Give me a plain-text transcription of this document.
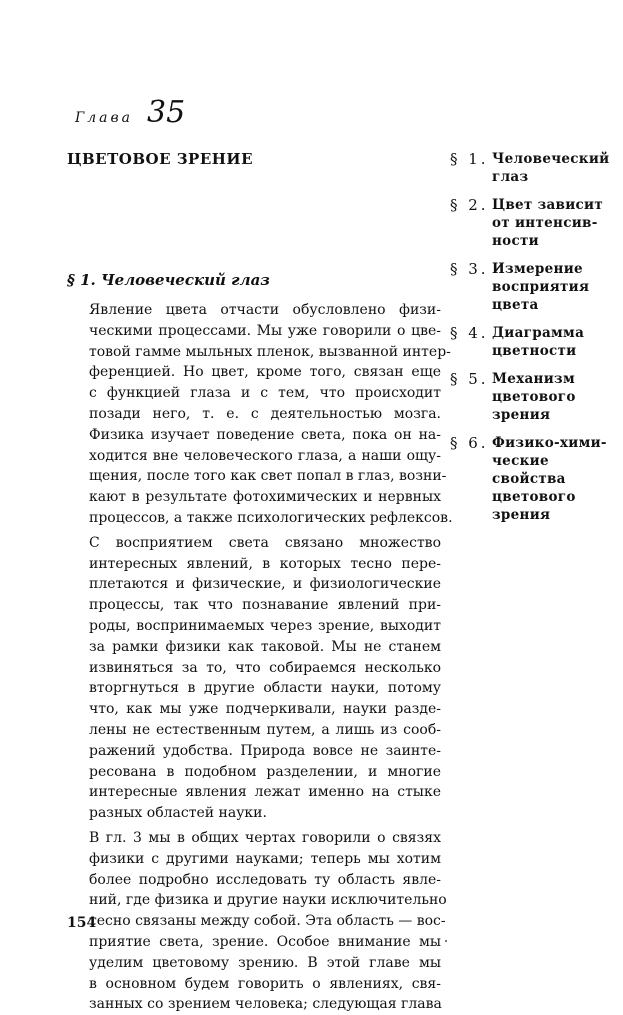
Глава 35
ЦВЕТОВОЕ ЗРЕНИЕ	§ 1. Человеческий
глаз
§ 2. Цвет зависит
от интенсив-
ности
§ 3. Измерение
восприятия
цвета
§ 4. Диаграмма
цветности
§ 5. Механизм
цветового
зрения
§ 6. Физико-хими-
ческие
свойства
цветового
зрения
§ 1. Человеческий глаз

Явление цвета отчасти обусловлено физи-
ческими процессами. Мы уже говорили о цве-
товой гамме мыльных пленок, вызванной интер-
ференцией. Но цвет, кроме того, связан еще
с функцией глаза и с тем, что происходит
позади него, т. е. с деятельностью мозга.
Физика изучает поведение света, пока он на-
ходится вне человеческого глаза, а наши ощу-
щения, после того как свет попал в глаз, возни-
кают в результате фотохимических и нервных
процессов, а также психологических рефлексов.

С восприятием света связано множество
интересных явлений, в которых тесно пере-
плетаются и физические, и физиологические
процессы, так что познавание явлений при-
роды, воспринимаемых через зрение, выходит
за рамки физики как таковой. Мы не станем
извиняться за то, что собираемся несколько
вторгнуться в другие области науки, потому
что, как мы уже подчеркивали, науки разде-
лены не естественным путем, а лишь из сооб-
ражений удобства. Природа вовсе не заинте-
ресована в подобном разделении, и многие
интересные явления лежат именно на стыке
разных областей науки.

В гл. 3 мы в общих чертах говорили о связях
физики с другими науками; теперь мы хотим
более подробно исследовать ту область явле-
ний, где физика и другие науки исключительно
тесно связаны между собой. Эта область — вос-
приятие света, зрение. Особое внимание мы
уделим цветовому зрению. В этой главе мы
в основном будем говорить о явлениях, свя-
занных со зрением человека; следующая глава

154
